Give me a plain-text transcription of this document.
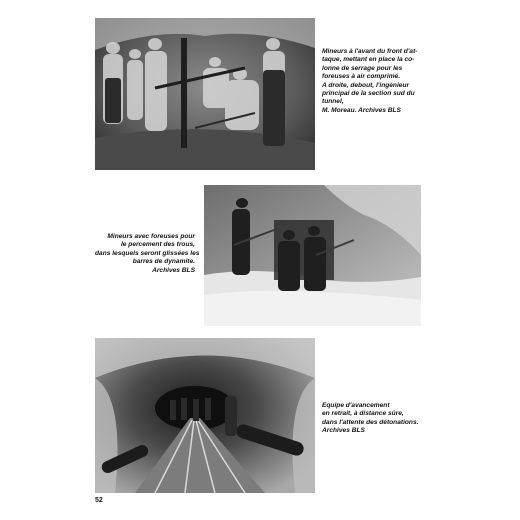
Mineurs à l'avant du front d'at-
taque, mettant en place la co-
lonne de serrage pour les
foreuses à air comprimé.
A droite, debout, l'ingénieur
principal de la section sud du
tunnel,
M. Moreau. Archives BLS
Mineurs avec foreuses pour
le percement des trous,
dans lesquels seront glissées les
barres de dynamite.
Archives BLS
Equipe d'avancement
en retrait, à distance sûre,
dans l'attente des détonations.
Archives BLS
52
